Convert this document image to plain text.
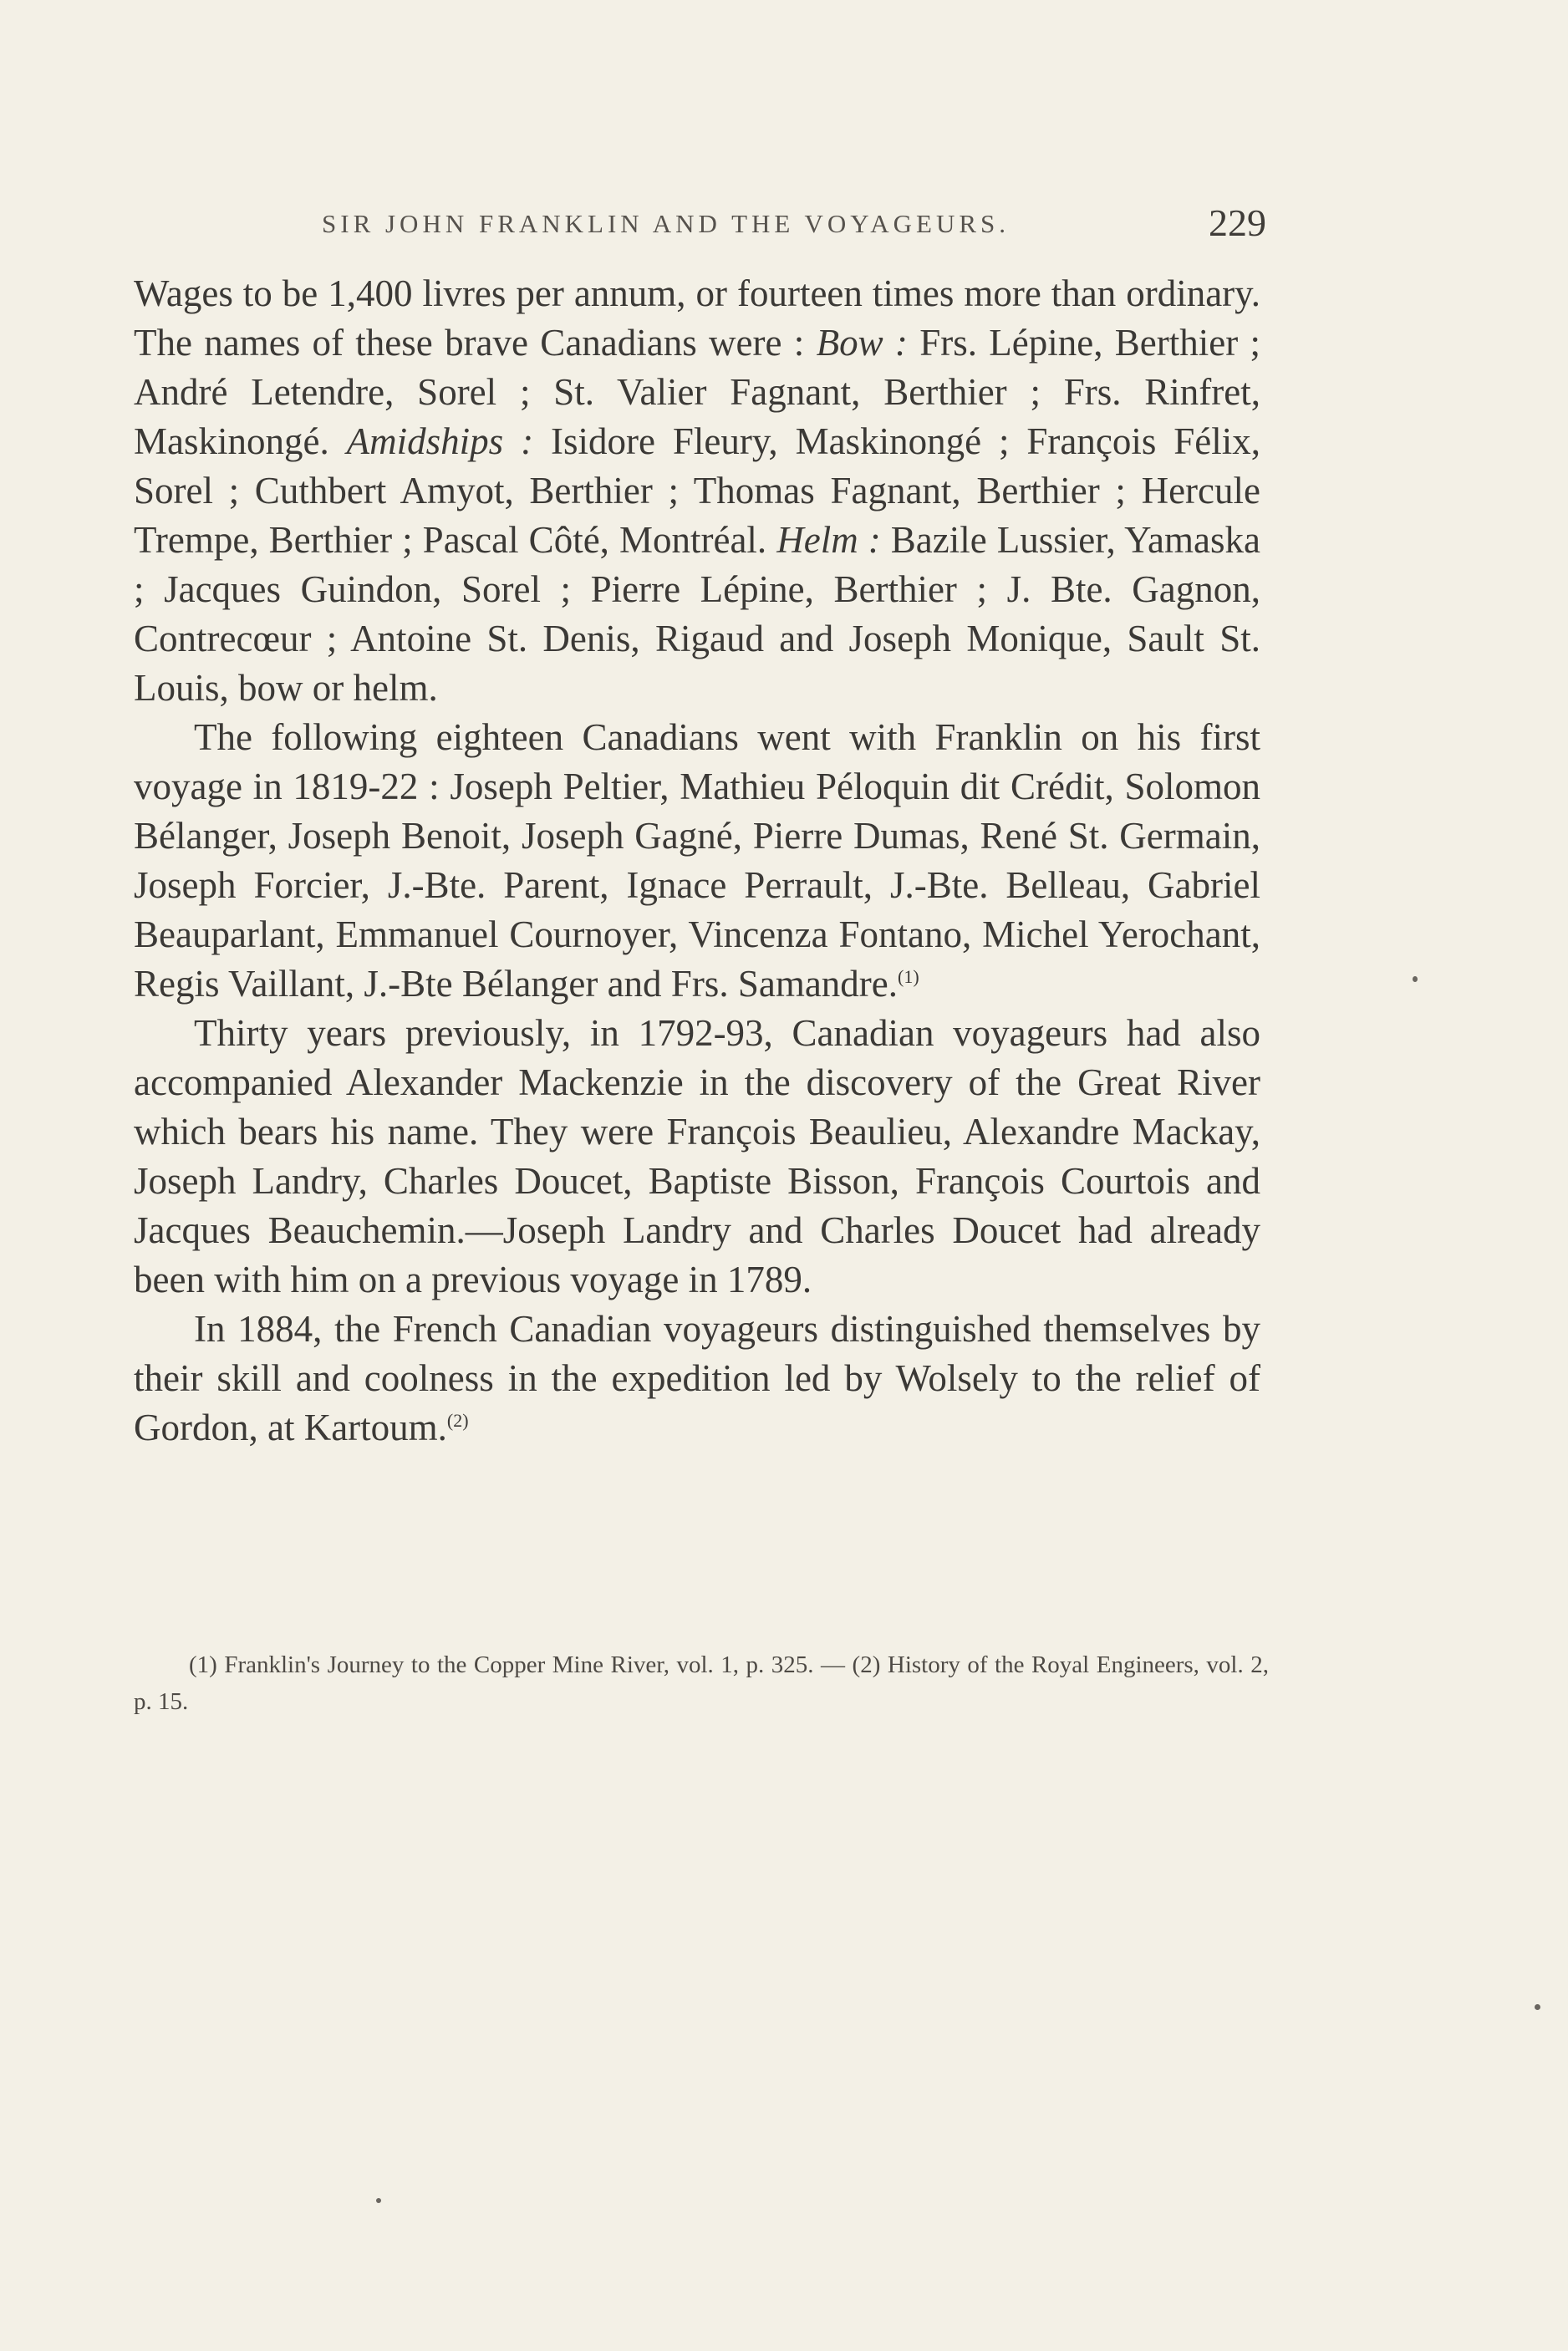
SIR JOHN FRANKLIN AND THE VOYAGEURS.	229

Wages to be 1,400 livres per annum, or fourteen times more than ordinary. The names of these brave Canadians were : Bow : Frs. Lépine, Berthier ; André Letendre, Sorel ; St. Valier Fagnant, Berthier ; Frs. Rinfret, Maskinongé. Amidships : Isidore Fleury, Maskinongé ; François Félix, Sorel ; Cuthbert Amyot, Berthier ; Thomas Fagnant, Berthier ; Hercule Trempe, Berthier ; Pascal Côté, Montréal. Helm : Bazile Lussier, Yamaska ; Jacques Guindon, Sorel ; Pierre Lépine, Berthier ; J. Bte. Gagnon, Contrecœur ; Antoine St. Denis, Rigaud and Joseph Monique, Sault St. Louis, bow or helm.

The following eighteen Canadians went with Franklin on his first voyage in 1819-22 : Joseph Peltier, Mathieu Péloquin dit Crédit, Solomon Bélanger, Joseph Benoit, Joseph Gagné, Pierre Dumas, René St. Germain, Joseph Forcier, J.-Bte. Parent, Ignace Perrault, J.-Bte. Belleau, Gabriel Beauparlant, Emmanuel Cournoyer, Vincenza Fontano, Michel Yerochant, Regis Vaillant, J.-Bte Bélanger and Frs. Samandre.$^{(1)}$

Thirty years previously, in 1792-93, Canadian voyageurs had also accompanied Alexander Mackenzie in the discovery of the Great River which bears his name. They were François Beaulieu, Alexandre Mackay, Joseph Landry, Charles Doucet, Baptiste Bisson, François Courtois and Jacques Beauchemin.—Joseph Landry and Charles Doucet had already been with him on a previous voyage in 1789.

In 1884, the French Canadian voyageurs distinguished themselves by their skill and coolness in the expedition led by Wolsely to the relief of Gordon, at Kartoum.$^{(2)}$

(1) Franklin's Journey to the Copper Mine River, vol. 1, p. 325. — (2) History of the Royal Engineers, vol. 2, p. 15.
